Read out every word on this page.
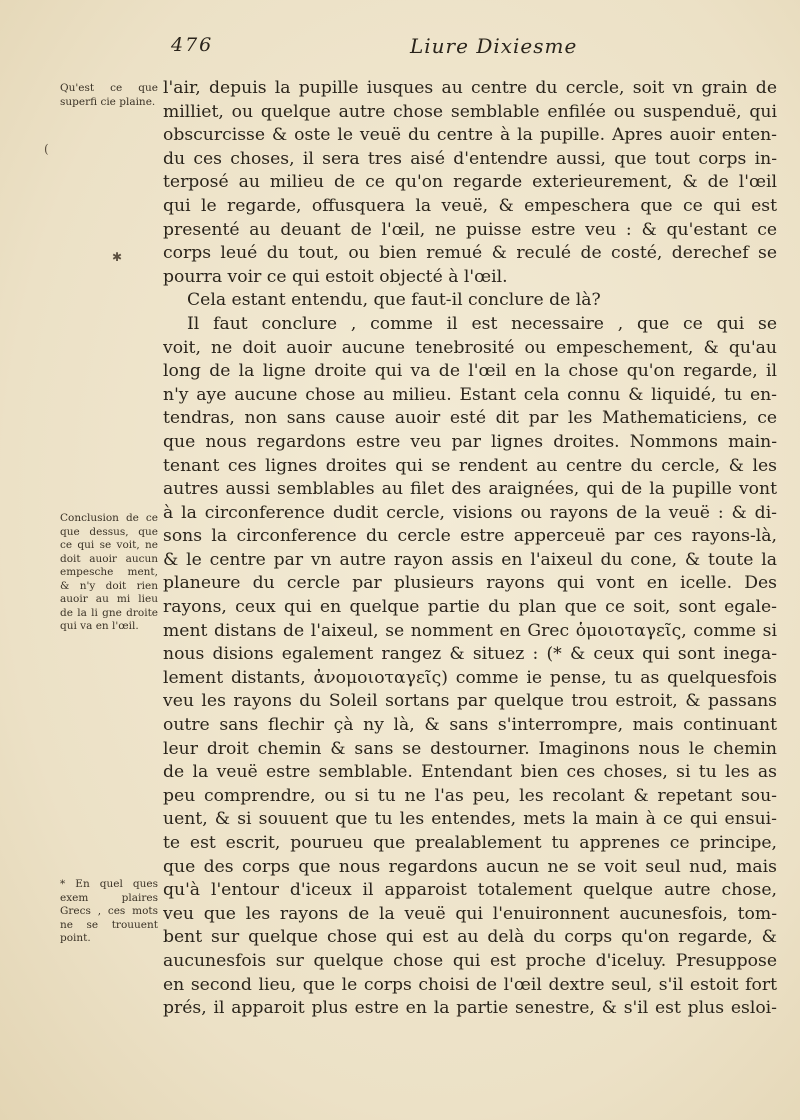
476	Liure Dixiesme
Qu'est ce que superfi cie plaine.
Conclusion de ce que dessus, que ce qui se voit, ne doit auoir aucun empesche ment, & n'y doit rien auoir au mi lieu de la li gne droite qui va en l'œil.
* En quel ques exem plaires Grecs , ces mots ne se trouuent point.
(
✱
l'air, depuis la pupille iusques au centre du cercle, soit vn grain de
milliet, ou quelque autre chose semblable enfilée ou suspenduë, qui
obscurcisse & oste le veuë du centre à la pupille. Apres auoir enten-
du ces choses, il sera tres aisé d'entendre aussi, que tout corps in-
terposé au milieu de ce qu'on regarde exterieurement, & de l'œil
qui le regarde, offusquera la veuë, & empeschera que ce qui est
presenté au deuant de l'œil, ne puisse estre veu : & qu'estant ce
corps leué du tout, ou bien remué & reculé de costé, derechef se
pourra voir ce qui estoit objecté à l'œil.
Cela estant entendu, que faut-il conclure de là?
Il faut conclure , comme il est necessaire , que ce qui se
voit, ne doit auoir aucune tenebrosité ou empeschement, & qu'au
long de la ligne droite qui va de l'œil en la chose qu'on regarde, il
n'y aye aucune chose au milieu. Estant cela connu & liquidé, tu en-
tendras, non sans cause auoir esté dit par les Mathematiciens, ce
que nous regardons estre veu par lignes droites. Nommons main-
tenant ces lignes droites qui se rendent au centre du cercle, & les
autres aussi semblables au filet des araignées, qui de la pupille vont
à la circonference dudit cercle, visions ou rayons de la veuë : & di-
sons la circonference du cercle estre apperceuë par ces rayons-là,
& le centre par vn autre rayon assis en l'aixeul du cone, & toute la
planeure du cercle par plusieurs rayons qui vont en icelle. Des
rayons, ceux qui en quelque partie du plan que ce soit, sont egale-
ment distans de l'aixeul, se nomment en Grec ὁμοιοταγεῖς, comme si
nous disions egalement rangez & situez : (* & ceux qui sont inega-
lement distants, ἀνομοιοταγεῖς) comme ie pense, tu as quelquesfois
veu les rayons du Soleil sortans par quelque trou estroit, & passans
outre sans flechir çà ny là, & sans s'interrompre, mais continuant
leur droit chemin & sans se destourner. Imaginons nous le chemin
de la veuë estre semblable. Entendant bien ces choses, si tu les as
peu comprendre, ou si tu ne l'as peu, les recolant & repetant sou-
uent, & si souuent que tu les entendes, mets la main à ce qui ensui-
te est escrit, pourueu que prealablement tu apprenes ce principe,
que des corps que nous regardons aucun ne se voit seul nud, mais
qu'à l'entour d'iceux il apparoist totalement quelque autre chose,
veu que les rayons de la veuë qui l'enuironnent aucunesfois, tom-
bent sur quelque chose qui est au delà du corps qu'on regarde, &
aucunesfois sur quelque chose qui est proche d'iceluy. Presuppose
en second lieu, que le corps choisi de l'œil dextre seul, s'il estoit fort
prés, il apparoit plus estre en la partie senestre, & s'il est plus esloi-
